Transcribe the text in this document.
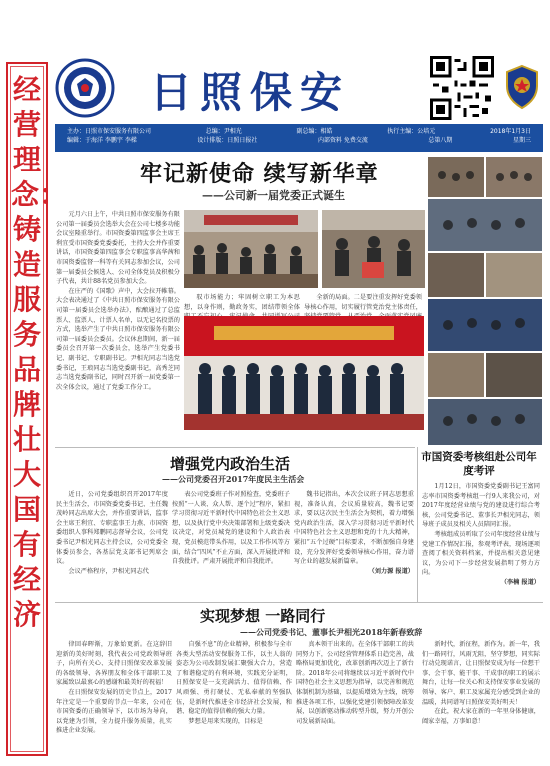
经营理念：铸造服务品牌 壮大国有经济
日照保安
主办：日照市保安服务有限公司	总编：尹相光	副总编：相皓	执行主编：公培元	2018年1月3日
编辑：于海洋 李鹏宇 李樑	设计排版：日照日报社	内部资料 免费交流	总第八期	星期三
牢记新使命 续写新华章
——公司新一届党委正式诞生

元月六日上午，中共日照市保安服务有限公司第一届委员会选举大会在公司七楼多功能会议室隆重举行。市国资委第四监事会主席王利宜受市国资委党委委托，主持大会并作重要讲话，市国资委第四监事会专职监事高华茜和市国资委监督一科等有关同志参加会议，公司第一届委员会候选人、公司全体党员及积极分子代表，共计88名党员参加大会。

在庄严的《国歌》声中，大会拉开帷幕。大会表决通过了《中共日照市保安服务有限公司第一届委员会选举办法》，酝酿通过了总监票人、监票人、计票人名单，以无记名投票的方式，选举产生了中共日照市保安服务有限公司第一届委员会委员。会议休息期间，新一届委员会召开第一次委员会，选举产生党委书记、副书记、专职副书记。尹相光同志当选党委书记，王琅同志当选党委副书记，高秀芝同志当选党委副书记，同时召开新一届党委第一次全体会议，通过了党委工作分工。

驭市场能力；牢固树立职工为本思想，以身作则，勤政务实，团结带领全体

全新的局面。二是要注重发挥好党委领导核心作用，切实履行管党治党主体责任，

增强党内政治生活
——公司党委召开2017年度民主生活会

近日，公司党委组织召开2017年度民主生活会，市国资委党委书记、主任魏茂岭同志出席大会，并作重要讲话，监事会主席王利宜、专职监事王力燕、市国资委组织人事科郑鹏同志督导会议，公司党委书记尹相光同志主持会议，公司党委全体委员参会，各基层党支部书记列席会议。

会议严格程序，尹相光同志代

表公司党委班子作对照检查，党委班子按照“一人谈、众人帮、逐个过”程序，紧扣学习贯彻习近平新时代中国特色社会主义思想，以及执行党中央决策部署和上级党委决议决定，对党员城党的建设和个人政治表现，党员模范带头作用，以及工作作风等方面，结合“四风”不止方面，深入开展批评和自我批评。严肃开展批评和自我批评。

魏书记指出，本次会议班子同志思想重视，准备认真，会议质量较高，魏书记要求，要以这次民主生活会为契机，着力增强党内政治生活，深入学习贯彻习近平新时代中国特色社会主义思想和党的十九大精神，紧扣“五个过硬”目标要求，不断加强自身建设，充分发挥好党委领导核心作用，奋力谱写企业的越发展新篇章。

（刘力源 报道）

市国资委考核组赴公司年度考评

1月12日，市国资委党委副书记王富同志率市国资委考核组一行9人来我公司，对2017年度经营业绩与党的建设进行综合考核，公司党委书记、董事长尹相光同志，领导班子成员及相关人员陪同汇报。

考核组成员听取了公司年度经营业绩与党建工作情况汇报，参观考评表，现场逐项查阅了相关资料档案，并提出相关意见建议，为公司下一步经营发展指明了努力方向。

（李楠 报道）

实现梦想 一路同行
——公司党委书记、董事长尹相光2018年新春致辞

律回春晖渐，万象始更新。在这辞旧迎新的美好时刻，我代表公司党政领导班子，向所有关心、支持日照保安改革发展的各级领导、各界朋友和全体干部职工及家属致以最衷心的感谢和最美好的祝福！

在日照保安发展的历史节点上，2017年注定是一个重要的节点一年来，公司在市国资委的正确领导下，以市场为导向，以党建为引领，全力提升服务质量，扎实推进企业发展。

自强不息”的企业精神，积极参与全市各类大型活动安保服务工作，以主人翁的姿态为公司改制发展汇聚强大合力，营造了和谐稳定的有利环境，实践充分证明，日照保安是一支充满活力、值得信赖、作风顽强、勇打硬仗、无私奉献的坚强队伍，是新时代推进全市经济社会发展，和谐、稳定的值得信赖的强大力量。

梦想是用来实现的，目标是

真本领干出来的。在全体干部职工的共同努力下，公司经营管理体系日趋完善，战略格局更加优化，改革创新再次迈上了新台阶。2018年公司将继续以习近平新时代中国特色社会主义思想为指导，以完善和规范体制机制为基础，以提质增效为主线，统筹推进各项工作，以强化党建引领保障改革发展，以创新驱动推动转型升级，努力开创公司发展新局面。

新时代，新征程，新作为。新一年，我们一路同行，风雨无阻，坚守梦想，同实际行动兑现诺言，让日照保安成为每一位想干事、会干事、能干事、干成事的职工的展示舞台，让每一位关心和支持保安事业发展的领导、客户、职工及家属充分感受到企业的温暖，共同谱写日照保安美好明天！

在此，祝大家在新的一年里身体健康，阖家幸福，万事如意！
